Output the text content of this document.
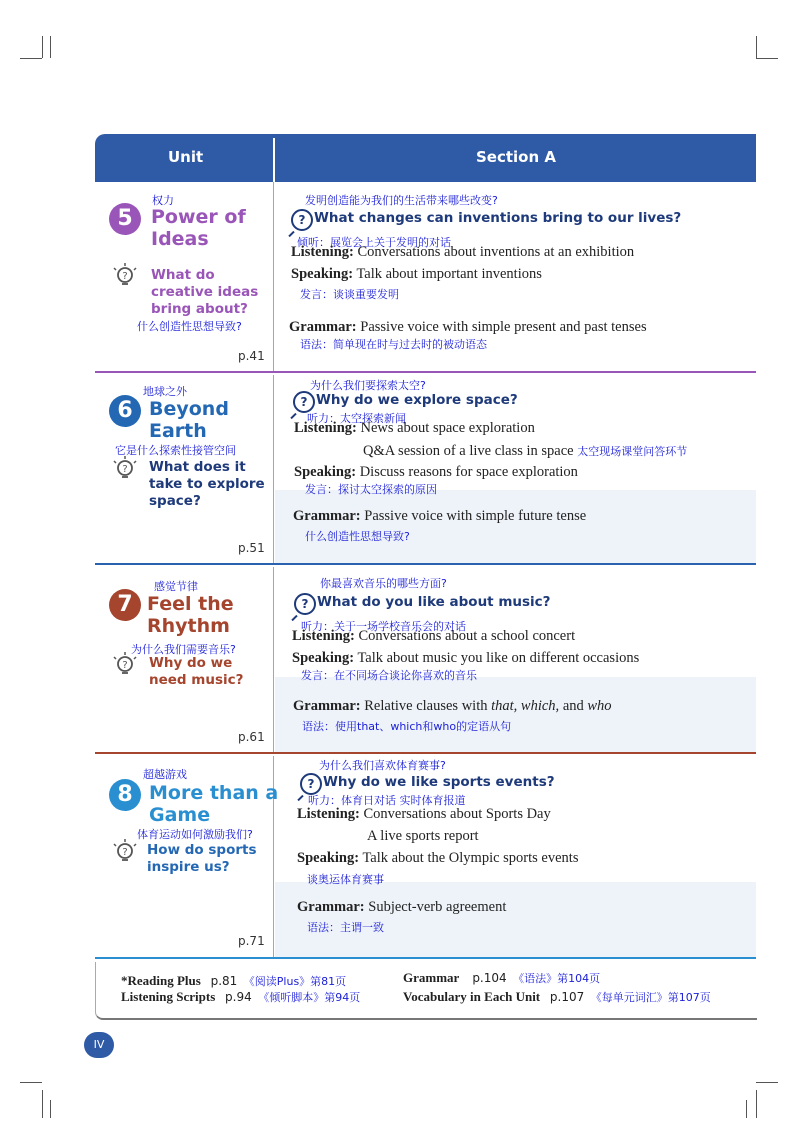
Unit	Section A
权力
5 Power of
Ideas
? What do
creative ideas
bring about?
什么创造性思想导致?
p.41
发明创造能为我们的生活带来哪些改变?
? What changes can inventions bring to our lives?
倾听：展览会上关于发明的对话
Listening: Conversations about inventions at an exhibition
Speaking: Talk about important inventions
发言：谈谈重要发明
Grammar: Passive voice with simple present and past tenses
语法：简单现在时与过去时的被动语态
地球之外
6 Beyond
Earth
它是什么探索性接管空间
? What does it
take to explore
space?
p.51
为什么我们要探索太空?
? Why do we explore space?
听力：太空探索新闻
Listening: News about space exploration
Q&A session of a live class in space 太空现场课堂问答环节
Speaking: Discuss reasons for space exploration
发言：探讨太空探索的原因
Grammar: Passive voice with simple future tense
什么创造性思想导致?
感觉节律
7 Feel the
Rhythm
为什么我们需要音乐?
? Why do we
need music?
p.61
你最喜欢音乐的哪些方面?
? What do you like about music?
听力：关于一场学校音乐会的对话
Listening: Conversations about a school concert
Speaking: Talk about music you like on different occasions
发言：在不同场合谈论你喜欢的音乐
Grammar: Relative clauses with that, which, and who
语法：使用that、which和who的定语从句
超越游戏
8 More than a
Game
体育运动如何激励我们?
? How do sports
inspire us?
p.71
为什么我们喜欢体育赛事?
? Why do we like sports events?
听力：体育日对话 实时体育报道
Listening: Conversations about Sports Day
A live sports report
Speaking: Talk about the Olympic sports events
谈奥运体育赛事
Grammar: Subject-verb agreement
语法：主谓一致
*Reading Plus p.81 《阅读Plus》第81页
Listening Scripts p.94 《倾听脚本》第94页
Grammar p.104 《语法》第104页
Vocabulary in Each Unit p.107 《每单元词汇》第107页
IV
